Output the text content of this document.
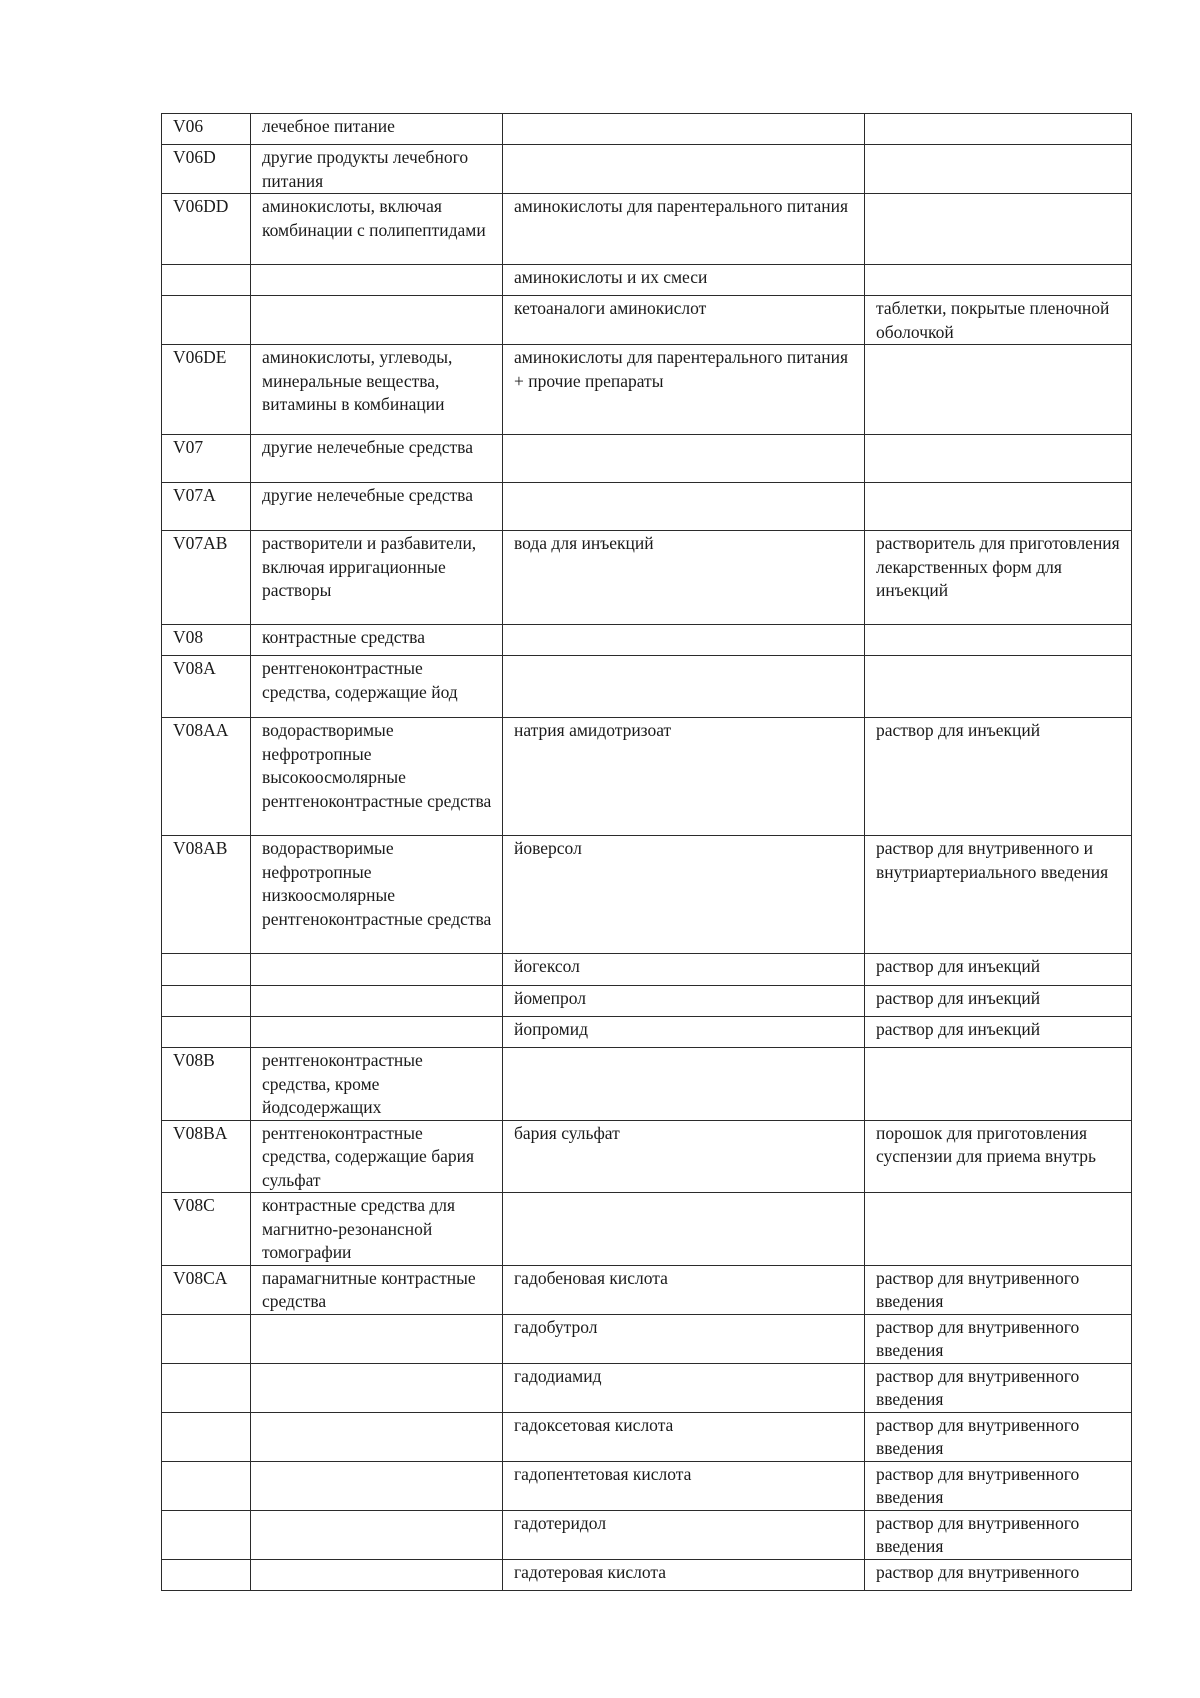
V06	лечебное питание		
V06D	другие продукты лечебного питания		
V06DD	аминокислоты, включая комбинации с полипептидами	аминокислоты для парентерального питания	
		аминокислоты и их смеси	
		кетоаналоги аминокислот	таблетки, покрытые пленочной оболочкой
V06DE	аминокислоты, углеводы, минеральные вещества, витамины в комбинации	аминокислоты для парентерального питания + прочие препараты	
V07	другие нелечебные средства		
V07A	другие нелечебные средства		
V07AB	растворители и разбавители, включая ирригационные растворы	вода для инъекций	растворитель для приготовления лекарственных форм для инъекций
V08	контрастные средства		
V08A	рентгеноконтрастные средства, содержащие йод		
V08AA	водорастворимые нефротропные высокоосмолярные рентгеноконтрастные средства	натрия амидотризоат	раствор для инъекций
V08AB	водорастворимые нефротропные низкоосмолярные рентгеноконтрастные средства	йоверсол	раствор для внутривенного и внутриартериального введения
		йогексол	раствор для инъекций
		йомепрол	раствор для инъекций
		йопромид	раствор для инъекций
V08B	рентгеноконтрастные средства, кроме йодсодержащих		
V08BA	рентгеноконтрастные средства, содержащие бария сульфат	бария сульфат	порошок для приготовления суспензии для приема внутрь
V08C	контрастные средства для магнитно-резонансной томографии		
V08CA	парамагнитные контрастные средства	гадобеновая кислота	раствор для внутривенного введения
		гадобутрол	раствор для внутривенного введения
		гадодиамид	раствор для внутривенного введения
		гадоксетовая кислота	раствор для внутривенного введения
		гадопентетовая кислота	раствор для внутривенного введения
		гадотеридол	раствор для внутривенного введения
		гадотеровая кислота	раствор для внутривенного
